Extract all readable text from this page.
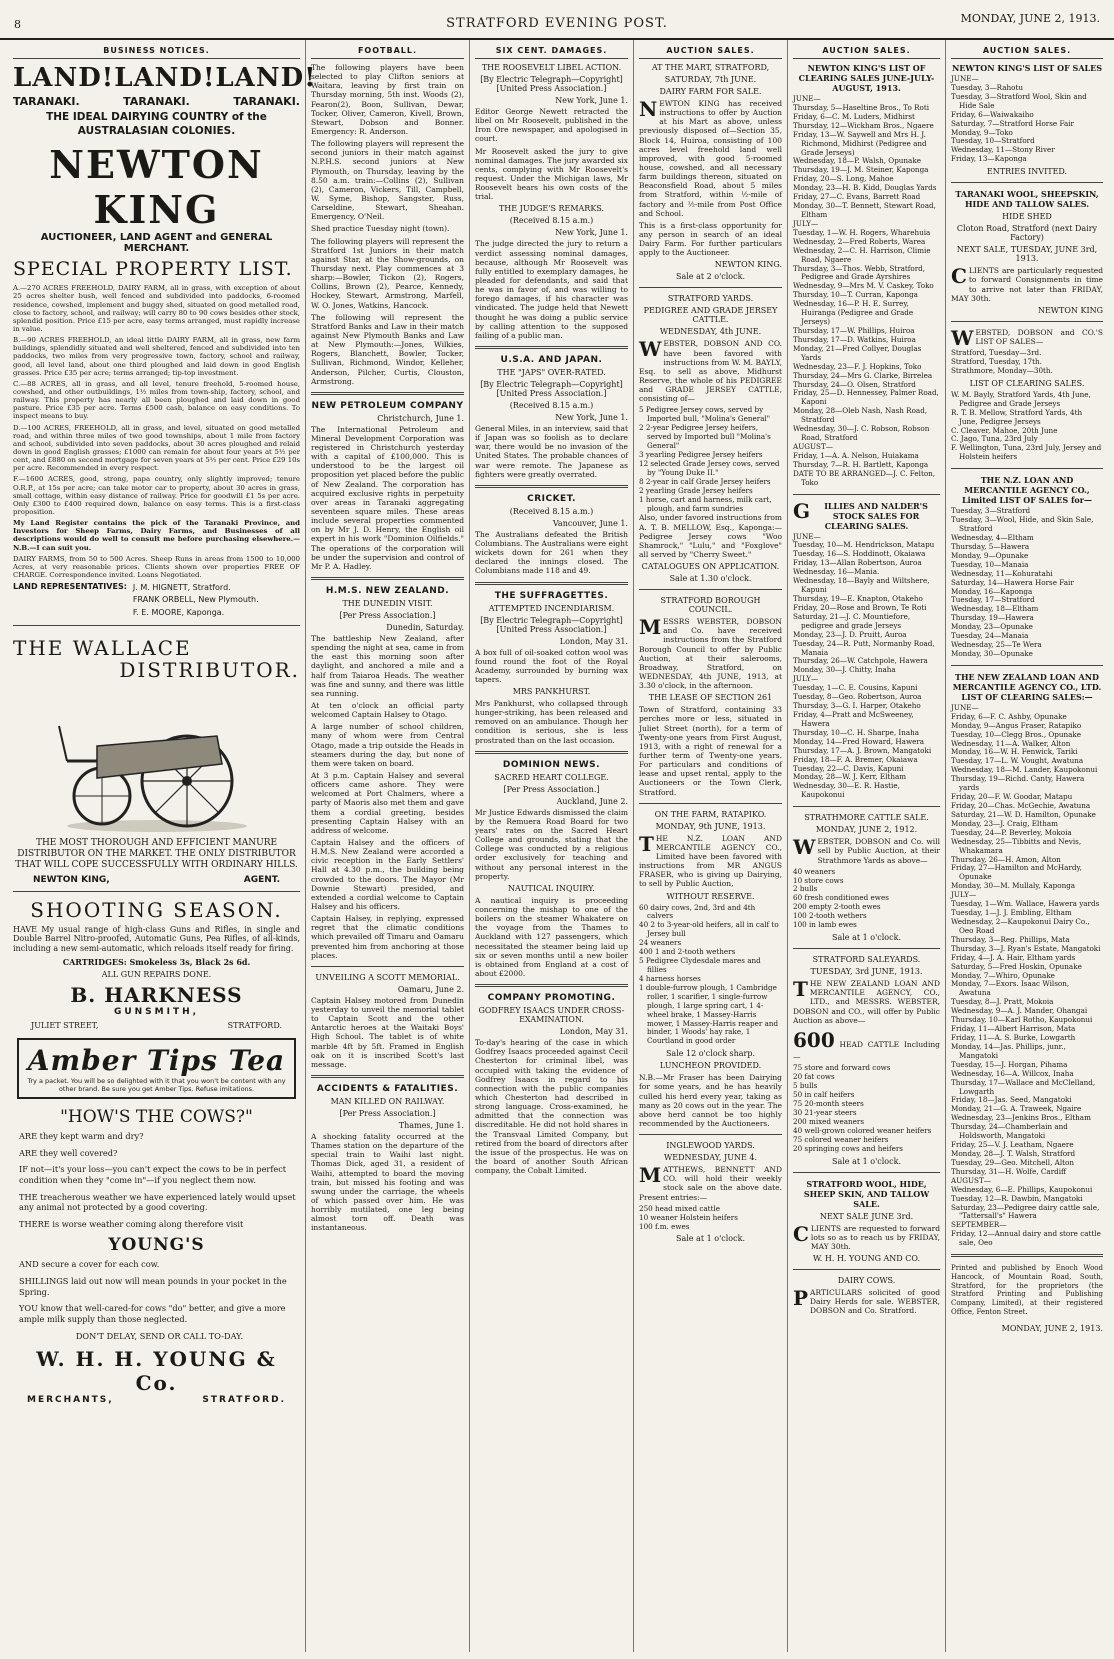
8	STRATFORD EVENING POST.	MONDAY, JUNE 2, 1913.
BUSINESS NOTICES.
LAND! LAND! LAND!
TARANAKI.	TARANAKI.	TARANAKI.
THE IDEAL DAIRYING COUNTRY of the AUSTRALASIAN COLONIES.
NEWTON KING
AUCTIONEER, LAND AGENT and GENERAL MERCHANT.
SPECIAL PROPERTY LIST.

A.—270 ACRES FREEHOLD, DAIRY FARM, all in grass, with exception of about 25 acres shelter bush, well fenced and subdivided into paddocks, 6-roomed residence, cowshed, implement and buggy shed, situated on good metalled road, close to factory, school, and railway; will carry 80 to 90 cows besides other stock, splendid position. Price £15 per acre, easy terms arranged, must rapidly increase in value.

B.—90 ACRES FREEHOLD, an ideal little DAIRY FARM, all in grass, new farm buildings, splendidly situated and well sheltered, fenced and subdivided into ten paddocks, two miles from very progressive town, factory, school and railway, good, all level land, about one third ploughed and laid down in good English grasses. Price £35 per acre; terms arranged; tip-top investment.

C.—88 ACRES, all in grass, and all level, tenure freehold, 5-roomed house, cowshed, and other outbuildings, 1½ miles from town-ship, factory, school, and railway. This property has nearly all been ploughed and laid down in good pasture. Price £35 per acre. Terms £500 cash, balance on easy conditions. To inspect means to buy.

D.—100 ACRES, FREEHOLD, all in grass, and level, situated on good metalled road, and within three miles of two good townships, about 1 mile from factory and school, subdivided into seven paddocks, about 30 acres ploughed and relaid down in good English grasses; £1000 can remain for about four years at 5½ per cent, and £880 on second mortgage for seven years at 5½ per cent. Price £29 10s per acre. Recommended in every respect.

F.—1600 ACRES, good, strong, papa country, only slightly improved; tenure O.R.P., at 15s per acre; can take motor car to property, about 30 acres in grass, small cottage, within easy distance of railway. Price for goodwill £1 5s per acre. Only £300 to £400 required down, balance on easy terms. This is a first-class proposition.

My Land Register contains the pick of the Taranaki Province, and Investors for Sheep Farms, Dairy Farms, and Businesses of all descriptions would do well to consult me before purchasing elsewhere.—N.B.—I can suit you.

DAIRY FARMS, from 50 to 500 Acres. Sheep Runs in areas from 1500 to 10,000 Acres, at very reasonable prices. Clients shown over properties FREE OF CHARGE. Correspondence invited. Loans Negotiated.

LAND REPRESENTATIVES: J. M. HIGNETT, Stratford.
FRANK ORBELL, New Plymouth.
F. E. MOORE, Kaponga.
THE WALLACE
DISTRIBUTOR.
THE MOST THOROUGH AND EFFICIENT MANURE DISTRIBUTOR ON THE MARKET. THE ONLY DISTRIBUTOR THAT WILL COPE SUCCESSFULLY WITH ORDINARY HILLS.
NEWTON KING,	AGENT.
SHOOTING SEASON.

HAVE My usual range of high-class Guns and Rifles, in single and Double Barrel Nitro-proofed, Automatic Guns, Pea Rifles, of all-kinds, including a new semi-automatic, which reloads itself ready for firing.

CARTRIDGES: Smokeless 3s, Black 2s 6d.
ALL GUN REPAIRS DONE.
B. HARKNESS
GUNSMITH,
JULIET STREET,	STRATFORD.
Amber Tips Tea
Try a packet. You will be so delighted with it that you won't be content with any other brand. Be sure you get Amber Tips. Refuse imitations.
"HOW'S THE COWS?"

ARE they kept warm and dry?

ARE they well covered?

IF not—it's your loss—you can't expect the cows to be in perfect condition when they "come in"—if you neglect them now.

THE treacherous weather we have experienced lately would upset any animal not protected by a good covering.

THERE is worse weather coming along therefore visit

YOUNG'S

AND secure a cover for each cow.

SHILLINGS laid out now will mean pounds in your pocket in the Spring.

YOU know that well-cared-for cows "do" better, and give a more ample milk supply than those neglected.

DON'T DELAY, SEND OR CALL TO-DAY.

W. H. H. YOUNG & Co.
MERCHANTS,	STRATFORD.
FOOTBALL.

The following players have been selected to play Clifton seniors at Waitara, leaving by first train on Thursday morning, 5th inst. Woods (2), Fearon(2), Boon, Sullivan, Dewar, Tocker, Oliver, Cameron, Kivell, Brown, Stewart, Dobson and Bonner. Emergency: R. Anderson.

The following players will represent the second juniors in their match against N.P.H.S. second juniors at New Plymouth, on Thursday, leaving by the 8.50 a.m. train:—Collins (2), Sullivan (2), Cameron, Vickers, Till, Campbell, W. Syme, Bishop, Sangster, Russ, Carseldine, Stewart, Sheahan. Emergency, O'Neil.

Shed practice Tuesday night (town).

The following players will represent the Stratford 1st Juniors in their match against Star, at the Show-grounds, on Thursday next. Play commences at 3 sharp:—Bowler, Tickon (2), Rogers, Collins, Brown (2), Pearce, Kennedy, Hockey, Stewart, Armstrong, Marfell, W. O. Jones, Watkins, Hancock.

The following will represent the Stratford Banks and Law in their match against New Plymouth Banks and Law at New Plymouth:—Jones, Wilkies, Rogers, Blanchett, Bowler, Tocker, Sullivan, Richmond, Windor, Kelleher, Anderson, Pilcher, Curtis, Clouston, Armstrong.

NEW PETROLEUM COMPANY
Christchurch, June 1.

The International Petroleum and Mineral Development Corporation was registered in Christchurch yesterday with a capital of £100,000. This is understood to be the largest oil proposition yet placed before the public of New Zealand. The corporation has acquired exclusive rights in perpetuity over areas in Taranaki aggregating seventeen square miles. These areas include several properties commented on by Mr J. D. Henry, the English oil expert in his work "Dominion Oilfields." The operations of the corporation will be under the supervision and control of Mr P. A. Hadley.

H.M.S. NEW ZEALAND.
THE DUNEDIN VISIT.
[Per Press Association.]
Dunedin, Saturday.

The battleship New Zealand, after spending the night at sea, came in from the east this morning soon after daylight, and anchored a mile and a half from Taiaroa Heads. The weather was fine and sunny, and there was little sea running.

At ten o'clock an official party welcomed Captain Halsey to Otago.

A large number of school children, many of whom were from Central Otago, made a trip outside the Heads in steamers during the day, but none of them were taken on board.

At 3 p.m. Captain Halsey and several officers came ashore. They were welcomed at Port Chalmers, where a party of Maoris also met them and gave them a cordial greeting, besides presenting Captain Halsey with an address of welcome.

Captain Halsey and the officers of H.M.S. New Zealand were accorded a civic reception in the Early Settlers' Hall at 4.30 p.m., the building being crowded to the doors. The Mayor (Mr Downie Stewart) presided, and extended a cordial welcome to Captain Halsey and his officers.

Captain Halsey, in replying, expressed regret that the climatic conditions which prevailed off Timaru and Oamaru prevented him from anchoring at those places.

UNVEILING A SCOTT MEMORIAL.
Oamaru, June 2.

Captain Halsey motored from Dunedin yesterday to unveil the memorial tablet to Captain Scott and the other Antarctic heroes at the Waitaki Boys' High School. The tablet is of white marble 4ft by 5ft. Framed in English oak on it is inscribed Scott's last message.

ACCIDENTS & FATALITIES.
MAN KILLED ON RAILWAY.
[Per Press Association.]
Thames, June 1.

A shocking fatality occurred at the Thames station on the departure of the special train to Waihi last night. Thomas Dick, aged 31, a resident of Waihi, attempted to board the moving train, but missed his footing and was swung under the carriage, the wheels of which passed over him. He was horribly mutilated, one leg being almost torn off. Death was instantaneous.

SIX CENT. DAMAGES.
THE ROOSEVELT LIBEL ACTION.
[By Electric Telegraph—Copyright] [United Press Association.]
New York, June 1.

Editor George Newett retracted the libel on Mr Roosevelt, published in the Iron Ore newspaper, and apologised in court.

Mr Roosevelt asked the jury to give nominal damages. The jury awarded six cents, complying with Mr Roosevelt's request. Under the Michigan laws, Mr Roosevelt bears his own costs of the trial.

THE JUDGE'S REMARKS.
(Received 8.15 a.m.)
New York, June 1.

The judge directed the jury to return a verdict assessing nominal damages, because, although Mr Roosevelt was fully entitled to exemplary damages, he pleaded for defendants, and said that he was in favor of, and was willing to forego damages, if his character was vindicated. The judge held that Newett thought he was doing a public service by calling attention to the supposed failing of a public man.

U.S.A. AND JAPAN.
THE "JAPS" OVER-RATED.
[By Electric Telegraph—Copyright] [United Press Association.]
(Received 8.15 a.m.)
New York, June 1.

General Miles, in an interview, said that if Japan was so foolish as to declare war, there would be no invasion of the United States. The probable chances of war were remote. The Japanese as fighters were greatly overrated.

CRICKET.
(Received 8.15 a.m.)
Vancouver, June 1.

The Australians defeated the British Columbians. The Australians were eight wickets down for 261 when they declared the innings closed. The Columbians made 118 and 49.

THE SUFFRAGETTES.
ATTEMPTED INCENDIARISM.
[By Electric Telegraph—Copyright] [United Press Association.]
London, May 31.

A box full of oil-soaked cotton wool was found round the foot of the Royal Academy, surrounded by burning wax tapers.

MRS PANKHURST.

Mrs Pankhurst, who collapsed through hunger-striking, has been released and removed on an ambulance. Though her condition is serious, she is less prostrated than on the last occasion.

DOMINION NEWS.
SACRED HEART COLLEGE.
[Per Press Association.]
Auckland, June 2.

Mr Justice Edwards dismissed the claim by the Remuera Road Board for two years' rates on the Sacred Heart College and grounds, stating that the College was conducted by a religious order exclusively for teaching and without any personal interest in the property.

NAUTICAL INQUIRY.

A nautical inquiry is proceeding concerning the mishap to one of the boilers on the steamer Whakatere on the voyage from the Thames to Auckland with 127 passengers, which necessitated the steamer being laid up six or seven months until a new boiler is obtained from England at a cost of about £2000.

COMPANY PROMOTING.
GODFREY ISAACS UNDER CROSS-EXAMINATION.
London, May 31.

To-day's hearing of the case in which Godfrey Isaacs proceeded against Cecil Chesterton for criminal libel, was occupied with taking the evidence of Godfrey Isaacs in regard to his connection with the public companies which Chesterton had described in strong language. Cross-examined, he admitted that the connection was discreditable. He did not hold shares in the Transvaal Limited Company, but retired from the board of directors after the issue of the prospectus. He was on the board of another South African company, the Cobalt Limited.

AUCTION SALES.
AT THE MART, STRATFORD,
SATURDAY, 7th JUNE.
DAIRY FARM FOR SALE.

NEWTON KING has received instructions to offer by Auction at his Mart as above, unless previously disposed of—Section 35, Block 14, Huiroa, consisting of 100 acres level freehold land well improved, with good 5-roomed house, cowshed, and all necessary farm buildings thereon, situated on Beaconsfield Road, about 5 miles from Stratford, within ½-mile of factory and ½-mile from Post Office and School.

This is a first-class opportunity for any person in search of an ideal Dairy Farm. For further particulars apply to the Auctioneer.

NEWTON KING.
Sale at 2 o'clock.
STRATFORD YARDS.
PEDIGREE AND GRADE JERSEY CATTLE.
WEDNESDAY, 4th JUNE.

WEBSTER, DOBSON AND CO. have been favored with instructions from W. M. BAYLY, Esq. to sell as above, Midhurst Reserve, the whole of his PEDIGREE and GRADE JERSEY CATTLE, consisting of—

5 Pedigree Jersey cows, served by Imported bull, "Molina's General"
2 2-year Pedigree Jersey heifers, served by Imported bull "Molina's General"
3 yearling Pedigree Jersey heifers
12 selected Grade Jersey cows, served by "Young Duke II."
8 2-year in calf Grade Jersey heifers
2 yearling Grade Jersey heifers
1 horse, cart and harness, milk cart, plough, and farm sundries

Also, under favored instructions from A. T. B. MELLOW, Esq., Kaponga:—Pedigree Jersey cows "Woo Shamrock," "Lulu," and "Foxglove" all served by "Cherry Sweet."

CATALOGUES ON APPLICATION.
Sale at 1.30 o'clock.
STRATFORD BOROUGH COUNCIL.

MESSRS WEBSTER, DOBSON and Co. have received instructions from the Stratford Borough Council to offer by Public Auction, at their salerooms, Broadway, Stratford, on WEDNESDAY, 4th JUNE, 1913, at 3.30 o'clock, in the afternoon.

THE LEASE OF SECTION 261

Town of Stratford, containing 33 perches more or less, situated in Juliet Street (north), for a term of Twenty-one years from First August, 1913, with a right of renewal for a further term of Twenty-one years. For particulars and conditions of lease and upset rental, apply to the Auctioneers or the Town Clerk, Stratford.

ON THE FARM, RATAPIKO.
MONDAY, 9th JUNE, 1913.

THE N.Z. LOAN AND MERCANTILE AGENCY CO., Limited have been favored with instructions from MR ANGUS FRASER, who is giving up Dairying, to sell by Public Auction,

WITHOUT RESERVE.
60 dairy cows, 2nd, 3rd and 4th calvers
40 2 to 3-year-old heifers, all in calf to Jersey bull
24 weaners
400 1 and 2-tooth wethers
5 Pedigree Clydesdale mares and fillies
4 harness horses
1 double-furrow plough, 1 Cambridge roller, 1 scarifier, 1 single-furrow plough, 1 large spring cart, 1 4-wheel brake, 1 Massey-Harris mower, 1 Massey-Harris reaper and binder, 1 Woods' hay rake, 1 Courtland in good order
Sale 12 o'clock sharp.
LUNCHEON PROVIDED.

N.B.—Mr Fraser has been Dairying for some years, and he has heavily culled his herd every year, taking as many as 20 cows out in the year. The above herd cannot be too highly recommended by the Auctioneers.

INGLEWOOD YARDS.
WEDNESDAY, JUNE 4.

MATTHEWS, BENNETT AND CO. will hold their weekly stock sale on the above date. Present entries:—

250 head mixed cattle
10 weaner Holstein heifers
100 f.m. ewes
Sale at 1 o'clock.
AUCTION SALES.
NEWTON KING'S LIST OF CLEARING SALES JUNE-JULY-AUGUST, 1913.
JUNE—
Thursday, 5—Haseltine Bros., To Roti
Friday, 6—C. M. Luders, Midhirst
Thursday, 12—Wickham Bros., Ngaere
Friday, 13—W. Saywell and Mrs H. J. Richmond, Midhirst (Pedigree and Grade Jerseys)
Wednesday, 18—P. Walsh, Opunake
Thursday, 19—J. M. Steiner, Kaponga
Friday, 20—S. Long, Mahoe
Monday, 23—H. B. Kidd, Douglas Yards
Friday, 27—C. Evans, Barrett Road
Monday, 30—T. Bennett, Stewart Road, Eltham
JULY—
Tuesday, 1—W. H. Rogers, Wharehuia
Wednesday, 2—Fred Roberts, Warea
Wednesday, 2—C. H. Harrison, Climie Road, Ngaere
Thursday, 3—Thos. Webb, Stratford, Pedigree and Grade Ayrshires
Wednesday, 9—Mrs M. V. Caskey, Toko
Thursday, 10—T. Curran, Kaponga
Wednesday, 16—P. H. E. Surrey, Huiranga (Pedigree and Grade Jerseys)
Thursday, 17—W. Phillips, Huiroa
Thursday, 17—D. Watkins, Huiroa
Monday, 21—Fred Collyer, Douglas Yards
Wednesday, 23—F. J. Hopkins, Toko
Thursday, 24—Mrs G. Clarke, Birrelea
Thursday, 24—O. Olsen, Stratford
Friday, 25—D. Hennessey, Palmer Road, Kaponi
Monday, 28—Oleb Nash, Nash Road, Stratford
Wednesday, 30—J. C. Robson, Robson Road, Stratford
AUGUST—
Friday, 1—A. A. Nelson, Huiakama
Thursday, 7—R. H. Bartlett, Kaponga
DATE TO BE ARRANGED—J. C. Felton, Toko
G ILLIES AND NALDER'S STOCK SALES FOR CLEARING SALES.
JUNE—
Tuesday, 10—M. Hendrickson, Matapu
Tuesday, 16—S. Hoddinott, Okaiawa
Friday, 13—Allan Robertson, Auroa
Wednesday, 16—Mania.
Wednesday, 18—Bayly and Wiltshere, Kapuni
Thursday, 19—E. Knapton, Otakeho
Friday, 20—Rose and Brown, Te Roti
Saturday, 21—J. C. Mountiefore, pedigree and grade Jerseys
Monday, 23—J. D. Pruitt, Auroa
Tuesday, 24—R. Putt, Normanby Road, Manaia
Thursday, 26—W. Catchpole, Hawera
Monday, 30—J. Chitty, Inaha
JULY—
Tuesday, 1—C. E. Cousins, Kapuni
Tuesday, 8—Geo. Robertson, Auroa
Thursday, 3—G. I. Harper, Otakeho
Friday, 4—Pratt and McSweeney, Hawera
Thursday, 10—C. H. Sharpe, Inaha
Monday, 14—Fred Howard, Hawera
Thursday, 17—A. J. Brown, Mangatoki
Friday, 18—F. A. Bremer, Okaiawa
Tuesday, 22—C. Davis, Kapuni
Monday, 28—W. J. Kerr, Eltham
Wednesday, 30—E. R. Hastie, Kaupokonui
STRATHMORE CATTLE SALE.
MONDAY, JUNE 2, 1912.

WEBSTER, DOBSON and Co. will sell by Public Auction, at their Strathmore Yards as above—

40 weaners
10 store cows
2 bulls
60 fresh conditioned ewes
200 empty 2-tooth ewes
100 2-tooth wethers
100 in lamb ewes
Sale at 1 o'clock.
STRATFORD SALEYARDS.
TUESDAY, 3rd JUNE, 1913.

THE NEW ZEALAND LOAN AND MERCANTILE AGENCY, CO., LTD., and MESSRS. WEBSTER, DOBSON and CO., will offer by Public Auction as above—

600 HEAD CATTLE Including—
75 store and forward cows
20 fat cows
5 bulls
50 in calf heifers
75 20-month steers
30 21-year steers
200 mixed weaners
40 well-grown colored weaner heifers
75 colored weaner heifers
20 springing cows and heifers
Sale at 1 o'clock.
STRATFORD WOOL, HIDE, SHEEP SKIN, AND TALLOW SALE.
NEXT SALE JUNE 3rd.

CLIENTS are requested to forward lots so as to reach us by FRIDAY, MAY 30th.

W. H. H. YOUNG AND CO.
DAIRY COWS.

PARTICULARS solicited of good Dairy Herds for sale. WEBSTER, DOBSON and Co. Stratford.

AUCTION SALES.
NEWTON KING'S LIST OF SALES
JUNE—
Tuesday, 3—Rahotu
Tuesday, 3—Stratford Wool, Skin and Hide Sale
Friday, 6—Waiwakaiho
Saturday, 7—Stratford Horse Fair
Monday, 9—Toko
Tuesday, 10—Stratford
Wednesday, 11—Stony River
Friday, 13—Kaponga
ENTRIES INVITED.
TARANAKI WOOL, SHEEPSKIN, HIDE AND TALLOW SALES.
HIDE SHED
Cloton Road, Stratford (next Dairy Factory)
NEXT SALE, TUESDAY, JUNE 3rd, 1913.

CLIENTS are particularly requested to forward Consignments in time to arrive not later than FRIDAY, MAY 30th.

NEWTON KING

WEBSTED, DOBSON and CO.'S LIST OF SALES—

Stratford, Tuesday—3rd.
Stratford, Tuesday, 17th.
Strathmore, Monday—30th.
LIST OF CLEARING SALES.
W. M. Bayly, Stratford Yards, 4th June, Pedigree and Grade Jerseys
R. T. B. Mellow, Stratford Yards, 4th June, Pedigree Jerseys
C. Cleaver, Mahoe, 20th June
C. Jago, Tuna, 23rd July
F. Wellington, Tuna, 23rd July, Jersey and Holstein heifers
THE N.Z. LOAN AND MERCANTILE AGENCY CO., Limited LIST OF SALES for—
Tuesday, 3—Stratford
Tuesday, 3—Wool, Hide, and Skin Sale, Stratford
Wednesday, 4—Eltham
Thursday, 5—Hawera
Monday, 9—Opunake
Tuesday, 10—Manaia
Wednesday, 11—Kohuratahi
Saturday, 14—Hawera Horse Fair
Monday, 16—Kaponga
Tuesday, 17—Stratford
Wednesday, 18—Eltham
Thursday, 19—Hawera
Monday, 23—Opunake
Tuesday, 24—Manaia
Wednesday, 25—Te Wera
Monday, 30—Opunake
THE NEW ZEALAND LOAN AND MERCANTILE AGENCY CO., LTD. LIST OF CLEARING SALES:—
JUNE—
Friday, 6—F. C. Ashby, Opunake
Monday, 9—Angus Fraser, Ratapiko
Tuesday, 10—Clegg Bros., Opunake
Wednesday, 11—A. Walker, Alton
Monday, 16—W. H. Fenwick, Tariki
Tuesday, 17—L. W. Vought, Awatuna
Wednesday, 18—M. Lander, Kaupokonui
Thursday, 19—Richd. Canty, Hawera yards
Friday, 20—F. W. Goodar, Matapu
Friday, 20—Chas. McGechie, Awatuna
Saturday, 21—W. D. Hamilton, Opunake
Monday, 23—J. Craig, Eltham
Tuesday, 24—P. Beverley, Mokoia
Wednesday, 25—Tibbitts and Nevis, Whakamara
Thursday, 26—H. Amon, Alton
Friday, 27—Hamilton and McHardy, Opunake
Monday, 30—M. Mullaly, Kaponga
JULY—
Tuesday, 1—Wm. Wallace, Hawera yards
Tuesday, 1—J. J. Embling, Eltham
Wednesday, 2—Kaupokonui Dairy Co., Oeo Road
Thursday, 3—Reg. Phillips, Mata
Thursday, 3—J. Ryan's Estate, Mangatoki
Friday, 4—J. A. Hair, Eltham yards
Saturday, 5—Fred Hoskin, Opunake
Monday, 7—Whiro, Opunake
Monday, 7—Exors. Isaac Wilson, Awatuna
Tuesday, 8—J. Pratt, Mokoia
Wednesday, 9—A. J. Mander, Ohangai
Thursday, 10—Karl Rotho, Kaupokonui
Friday, 11—Albert Harrison, Mata
Friday, 11—A. S. Burke, Lowgarth
Monday, 14—Jas. Phillips, junr., Mangatoki
Tuesday, 15—J. Horgan, Pihama
Wednesday, 16—A. Willcox, Inaha
Thursday, 17—Wallace and McClelland, Lowgarth
Friday, 18—Jas. Seed, Mangatoki
Monday, 21—G. A. Traweek, Ngaire
Wednesday, 23—Jenkins Bros., Eltham
Thursday, 24—Chamberlain and Holdsworth, Mangatoki
Friday, 25—V. J. Leatham, Ngaere
Monday, 28—J. T. Walsh, Stratford
Tuesday, 29—Geo. Mitchell, Alton
Thursday, 31—H. Wolfe, Cardiff
AUGUST—
Wednesday, 6—E. Phillips, Kaupokonui
Tuesday, 12—R. Dawbin, Mangatoki
Saturday, 23—Pedigree dairy cattle sale, "Tattersall's" Hawera
SEPTEMBER—
Friday, 12—Annual dairy and store cattle sale, Oeo

Printed and published by Enoch Wood Hancock, of Mountain Road, South, Stratford, for the proprietors (the Stratford Printing and Publishing Company, Limited), at their registered Office, Fenton Street.

MONDAY, JUNE 2, 1913.
